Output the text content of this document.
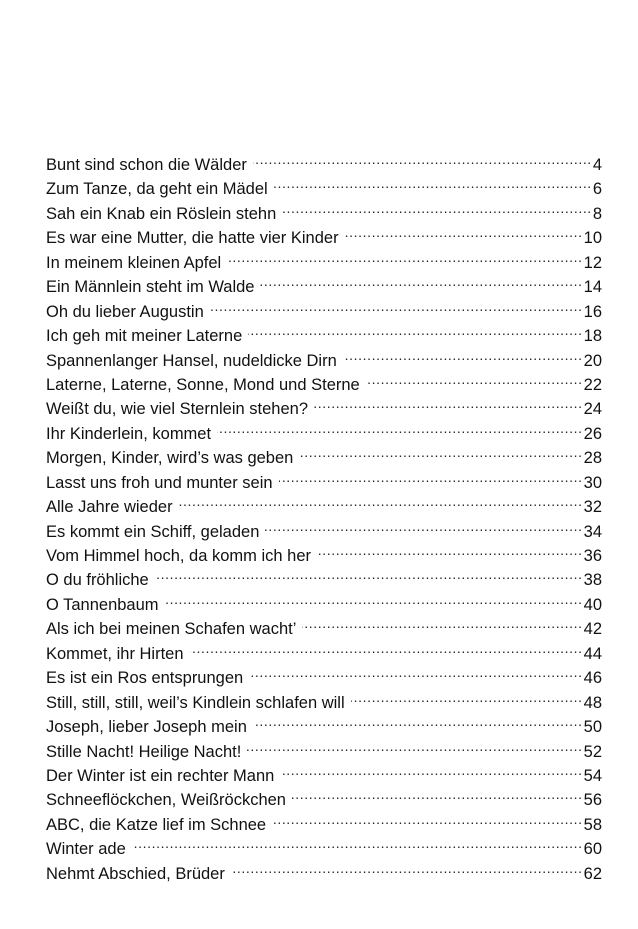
Bunt sind schon die Wälder .....	4
Zum Tanze, da geht ein Mädel .....	6
Sah ein Knab ein Röslein stehn .....	8
Es war eine Mutter, die hatte vier Kinder .....	10
In meinem kleinen Apfel .....	12
Ein Männlein steht im Walde .....	14
Oh du lieber Augustin .....	16
Ich geh mit meiner Laterne .....	18
Spannenlanger Hansel, nudeldicke Dirn .....	20
Laterne, Laterne, Sonne, Mond und Sterne .....	22
Weißt du, wie viel Sternlein stehen? .....	24
Ihr Kinderlein, kommet .....	26
Morgen, Kinder, wird’s was geben .....	28
Lasst uns froh und munter sein .....	30
Alle Jahre wieder .....	32
Es kommt ein Schiff, geladen .....	34
Vom Himmel hoch, da komm ich her .....	36
O du fröhliche .....	38
O Tannenbaum .....	40
Als ich bei meinen Schafen wacht’ .....	42
Kommet, ihr Hirten .....	44
Es ist ein Ros entsprungen .....	46
Still, still, still, weil’s Kindlein schlafen will .....	48
Joseph, lieber Joseph mein .....	50
Stille Nacht! Heilige Nacht! .....	52
Der Winter ist ein rechter Mann .....	54
Schneeflöckchen, Weißröckchen .....	56
ABC, die Katze lief im Schnee .....	58
Winter ade .....	60
Nehmt Abschied, Brüder .....	62
